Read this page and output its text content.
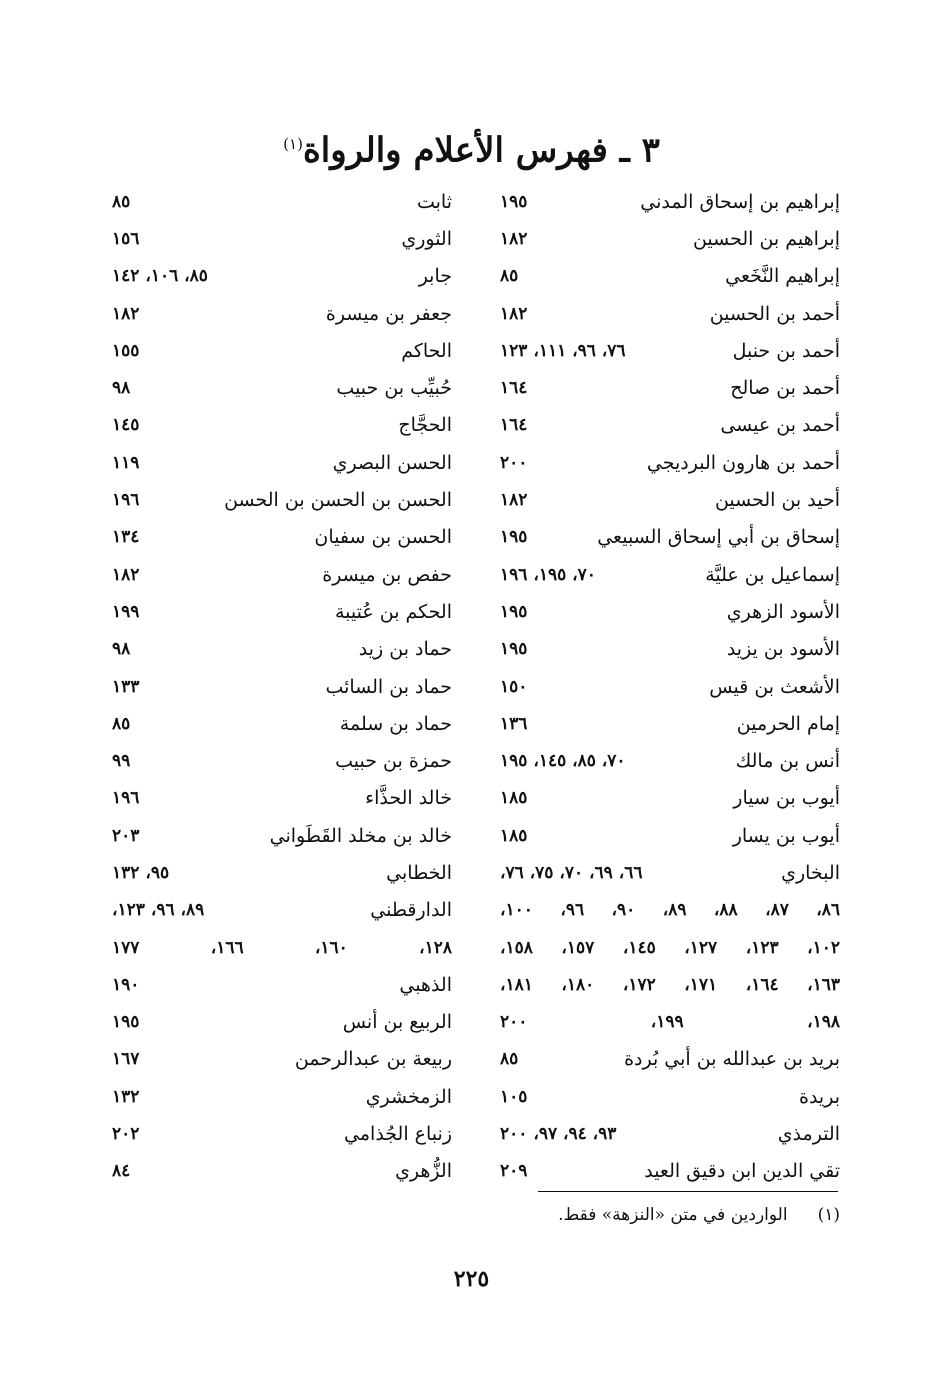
٣ ـ فهرس الأعلام والرواة$^{(١)}$
إبراهيم بن إسحاق المدني
١٩٥
إبراهيم بن الحسين
١٨٢
إبراهيم النَّخَعي
٨٥
أحمد بن الحسين
١٨٢
أحمد بن حنبل
٧٦، ٩٦، ١١١، ١٢٣
أحمد بن صالح
١٦٤
أحمد بن عيسى
١٦٤
أحمد بن هارون البرديجي
٢٠٠
أحيد بن الحسين
١٨٢
إسحاق بن أبي إسحاق السبيعي
١٩٥
إسماعيل بن عليَّة
٧٠، ١٩٥، ١٩٦
الأسود الزهري
١٩٥
الأسود بن يزيد
١٩٥
الأشعث بن قيس
١٥٠
إمام الحرمين
١٣٦
أنس بن مالك
٧٠، ٨٥، ١٤٥، ١٩٥
أيوب بن سيار
١٨٥
أيوب بن يسار
١٨٥
البخاري
٦٦، ٦٩، ٧٠، ٧٥، ٧٦،
٨٦، ٨٧، ٨٨، ٨٩، ٩٠، ٩٦، ١٠٠،
١٠٢، ١٢٣، ١٢٧، ١٤٥، ١٥٧، ١٥٨،
١٦٣، ١٦٤، ١٧١، ١٧٢، ١٨٠، ١٨١،
١٩٨، ١٩٩، ٢٠٠
بريد بن عبدالله بن أبي بُردة
٨٥
بريدة
١٠٥
الترمذي
٩٣، ٩٤، ٩٧، ٢٠٠
تقي الدين ابن دقيق العيد
٢٠٩
ثابت
٨٥
الثوري
١٥٦
جابر
٨٥، ١٠٦، ١٤٢
جعفر بن ميسرة
١٨٢
الحاكم
١٥٥
حُبيِّب بن حبيب
٩٨
الحجَّاج
١٤٥
الحسن البصري
١١٩
الحسن بن الحسن بن الحسن
١٩٦
الحسن بن سفيان
١٣٤
حفص بن ميسرة
١٨٢
الحكم بن عُتيبة
١٩٩
حماد بن زيد
٩٨
حماد بن السائب
١٣٣
حماد بن سلمة
٨٥
حمزة بن حبيب
٩٩
خالد الحذَّاء
١٩٦
خالد بن مخلد القَطَواني
٢٠٣
الخطابي
٩٥، ١٣٢
الدارقطني
٨٩، ٩٦، ١٢٣،
١٢٨، ١٦٠، ١٦٦، ١٧٧
الذهبي
١٩٠
الربيع بن أنس
١٩٥
ربيعة بن عبدالرحمن
١٦٧
الزمخشري
١٣٢
زنباع الجُذامي
٢٠٢
الزُّهري
٨٤
(١)الواردين في متن «النزهة» فقط.
٢٢٥
